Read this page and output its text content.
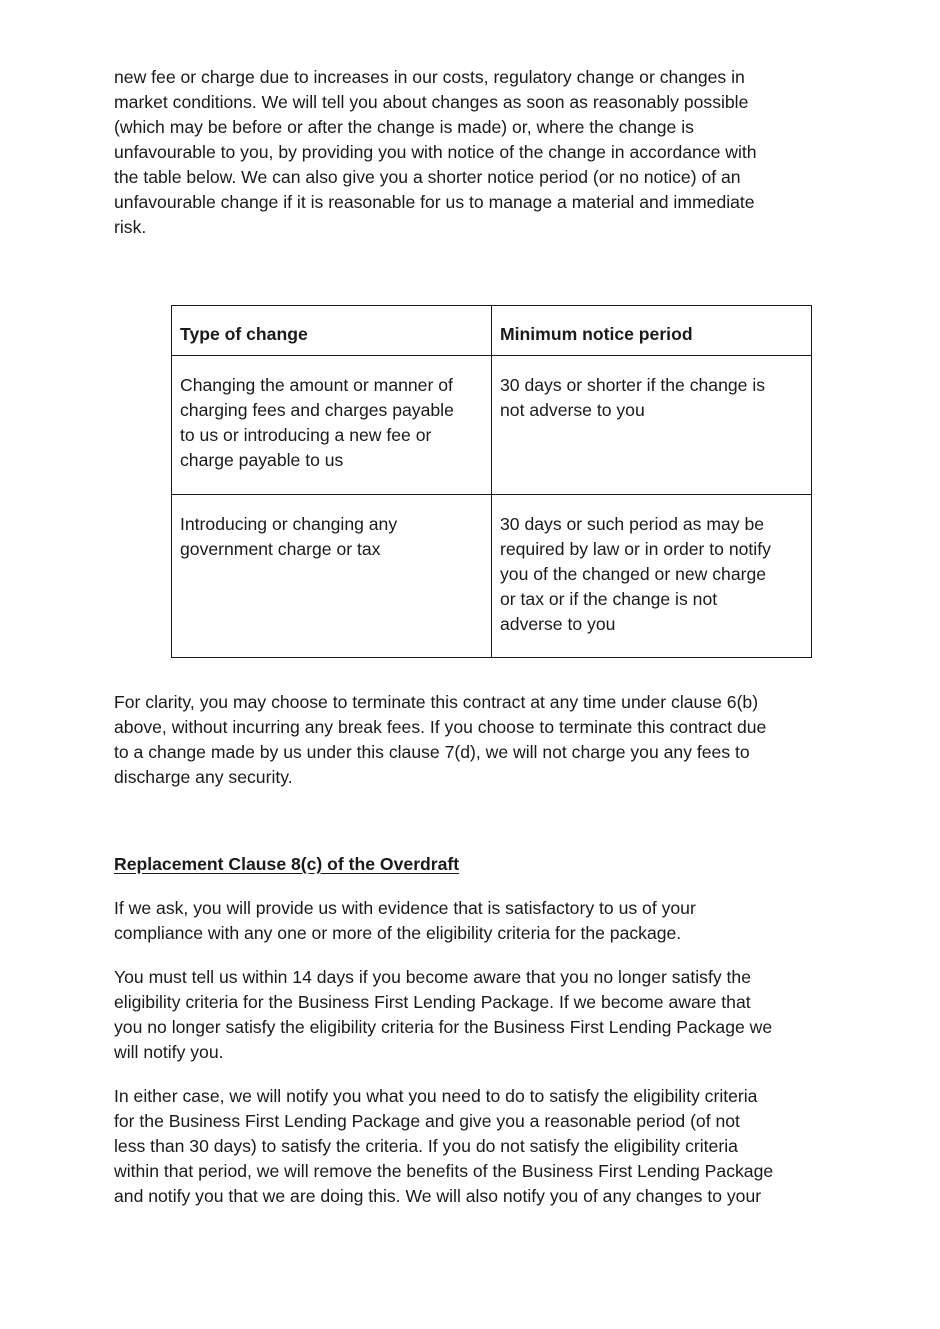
new fee or charge due to increases in our costs, regulatory change or changes in
market conditions. We will tell you about changes as soon as reasonably possible
(which may be before or after the change is made) or, where the change is
unfavourable to you, by providing you with notice of the change in accordance with
the table below. We can also give you a shorter notice period (or no notice) of an
unfavourable change if it is reasonable for us to manage a material and immediate
risk.

Type of change	Minimum notice period

Changing the amount or manner of
charging fees and charges payable
to us or introducing a new fee or
charge payable to us	30 days or shorter if the change is
not adverse to you

Introducing or changing any
government charge or tax	30 days or such period as may be
required by law or in order to notify
you of the changed or new charge
or tax or if the change is not
adverse to you

For clarity, you may choose to terminate this contract at any time under clause 6(b)
above, without incurring any break fees. If you choose to terminate this contract due
to a change made by us under this clause 7(d), we will not charge you any fees to
discharge any security.

Replacement Clause 8(c) of the Overdraft

If we ask, you will provide us with evidence that is satisfactory to us of your
compliance with any one or more of the eligibility criteria for the package.

You must tell us within 14 days if you become aware that you no longer satisfy the
eligibility criteria for the Business First Lending Package. If we become aware that
you no longer satisfy the eligibility criteria for the Business First Lending Package we
will notify you.

In either case, we will notify you what you need to do to satisfy the eligibility criteria
for the Business First Lending Package and give you a reasonable period (of not
less than 30 days) to satisfy the criteria. If you do not satisfy the eligibility criteria
within that period, we will remove the benefits of the Business First Lending Package
and notify you that we are doing this. We will also notify you of any changes to your
